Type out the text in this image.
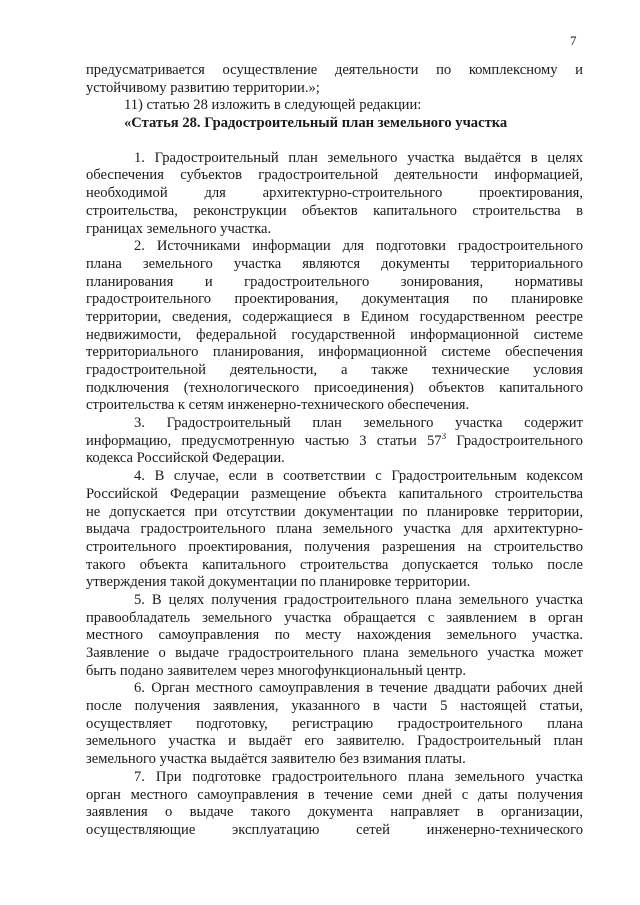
7
предусматривается осуществление деятельности по комплексному и
устойчивому развитию территории.»;
11) статью 28 изложить в следующей редакции:
«Статья 28. Градостроительный план земельного участка
1. Градостроительный план земельного участка выдаётся в целях
обеспечения субъектов градостроительной деятельности информацией,
необходимой для архитектурно-строительного проектирования,
строительства, реконструкции объектов капитального строительства в
границах земельного участка.
2. Источниками информации для подготовки градостроительного
плана земельного участка являются документы территориального
планирования и градостроительного зонирования, нормативы
градостроительного проектирования, документация по планировке
территории, сведения, содержащиеся в Едином государственном реестре
недвижимости, федеральной государственной информационной системе
территориального планирования, информационной системе обеспечения
градостроительной деятельности, а также технические условия
подключения (технологического присоединения) объектов капитального
строительства к сетям инженерно-технического обеспечения.
3. Градостроительный план земельного участка содержит
информацию, предусмотренную частью 3 статьи $57^3$ Градостроительного
кодекса Российской Федерации.
4. В случае, если в соответствии с Градостроительным кодексом
Российской Федерации размещение объекта капитального строительства
не допускается при отсутствии документации по планировке территории,
выдача градостроительного плана земельного участка для архитектурно-
строительного проектирования, получения разрешения на строительство
такого объекта капитального строительства допускается только после
утверждения такой документации по планировке территории.
5. В целях получения градостроительного плана земельного участка
правообладатель земельного участка обращается с заявлением в орган
местного самоуправления по месту нахождения земельного участка.
Заявление о выдаче градостроительного плана земельного участка может
быть подано заявителем через многофункциональный центр.
6. Орган местного самоуправления в течение двадцати рабочих дней
после получения заявления, указанного в части 5 настоящей статьи,
осуществляет подготовку, регистрацию градостроительного плана
земельного участка и выдаёт его заявителю. Градостроительный план
земельного участка выдаётся заявителю без взимания платы.
7. При подготовке градостроительного плана земельного участка
орган местного самоуправления в течение семи дней с даты получения
заявления о выдаче такого документа направляет в организации,
осуществляющие эксплуатацию сетей инженерно-технического
